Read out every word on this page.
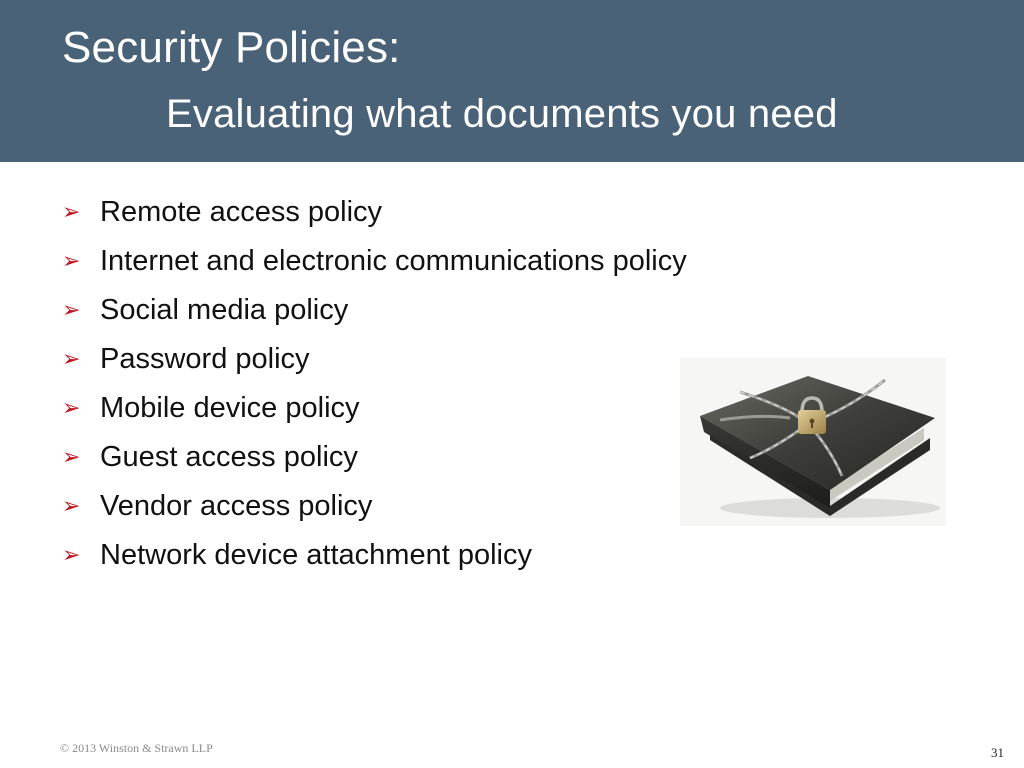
Security Policies:
Evaluating what documents you need
➢ Remote access policy
➢ Internet and electronic communications policy
➢ Social media policy
➢ Password policy
➢ Mobile device policy
➢ Guest access policy
➢ Vendor access policy
➢ Network device attachment policy
© 2013 Winston & Strawn LLP	31
